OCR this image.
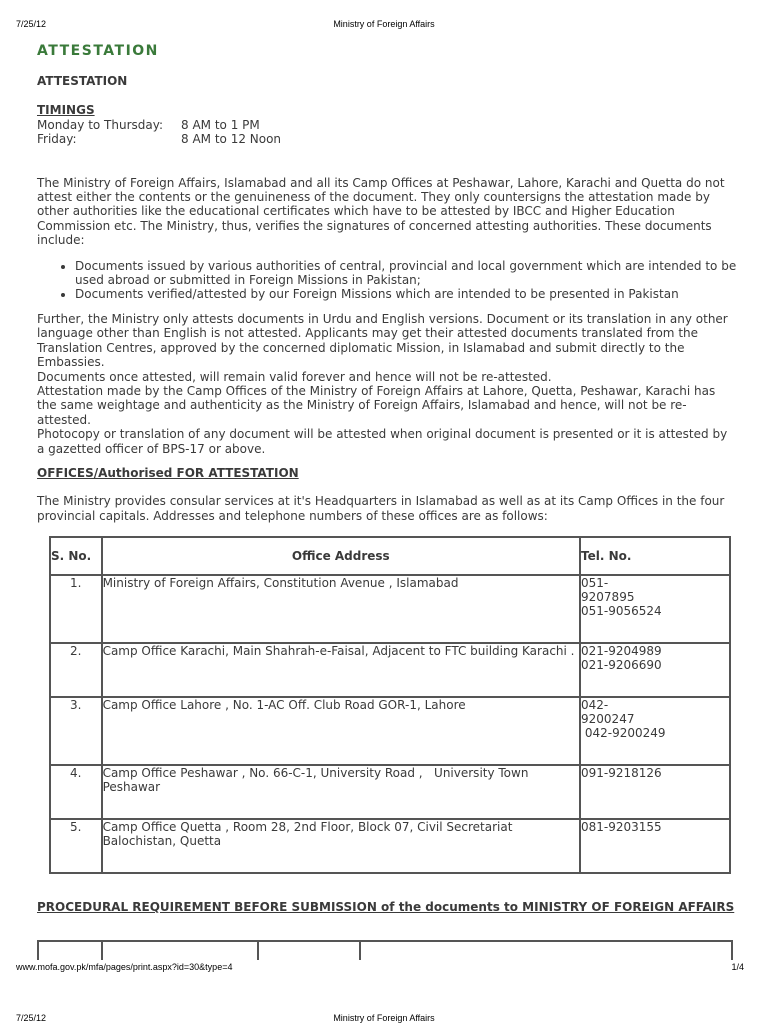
7/25/12	Ministry of Foreign Affairs
ATTESTATION
ATTESTATION
TIMINGS
Monday to Thursday:	8 AM to 1 PM
Friday:	8 AM to 12 Noon

The Ministry of Foreign Affairs, Islamabad and all its Camp Offices at Peshawar, Lahore, Karachi and Quetta do not attest either the contents or the genuineness of the document. They only countersigns the attestation made by other authorities like the educational certificates which have to be attested by IBCC and Higher Education Commission etc. The Ministry, thus, verifies the signatures of concerned attesting authorities. These documents include:

• Documents issued by various authorities of central, provincial and local government which are intended to be used abroad or submitted in Foreign Missions in Pakistan;
• Documents verified/attested by our Foreign Missions which are intended to be presented in Pakistan

Further, the Ministry only attests documents in Urdu and English versions. Document or its translation in any other language other than English is not attested. Applicants may get their attested documents translated from the Translation Centres, approved by the concerned diplomatic Mission, in Islamabad and submit directly to the Embassies.

Documents once attested, will remain valid forever and hence will not be re-attested.

Attestation made by the Camp Offices of the Ministry of Foreign Affairs at Lahore, Quetta, Peshawar, Karachi has the same weightage and authenticity as the Ministry of Foreign Affairs, Islamabad and hence, will not be re-attested.

Photocopy or translation of any document will be attested when original document is presented or it is attested by a gazetted officer of BPS-17 or above.

OFFICES/Authorised FOR ATTESTATION

The Ministry provides consular services at it's Headquarters in Islamabad as well as at its Camp Offices in the four provincial capitals. Addresses and telephone numbers of these offices are as follows:

S. No.	Office Address	Tel. No.
1.	Ministry of Foreign Affairs, Constitution Avenue , Islamabad	051-
9207895
051-9056524

2.	Camp Office Karachi, Main Shahrah-e-Faisal, Adjacent to FTC building Karachi .	021-9204989
021-9206690

3.	Camp Office Lahore , No. 1-AC Off. Club Road GOR-1, Lahore	042-
9200247
042-9200249

4.	Camp Office Peshawar , No. 66-C-1, University Road ,   University Town Peshawar	091-9218126

5.	Camp Office Quetta , Room 28, 2nd Floor, Block 07, Civil Secretariat Balochistan, Quetta	081-9203155
PROCEDURAL REQUIREMENT BEFORE SUBMISSION of the documents to MINISTRY OF FOREIGN AFFAIRS
www.mofa.gov.pk/mfa/pages/print.aspx?id=30&type=4	1/4
7/25/12	Ministry of Foreign Affairs
